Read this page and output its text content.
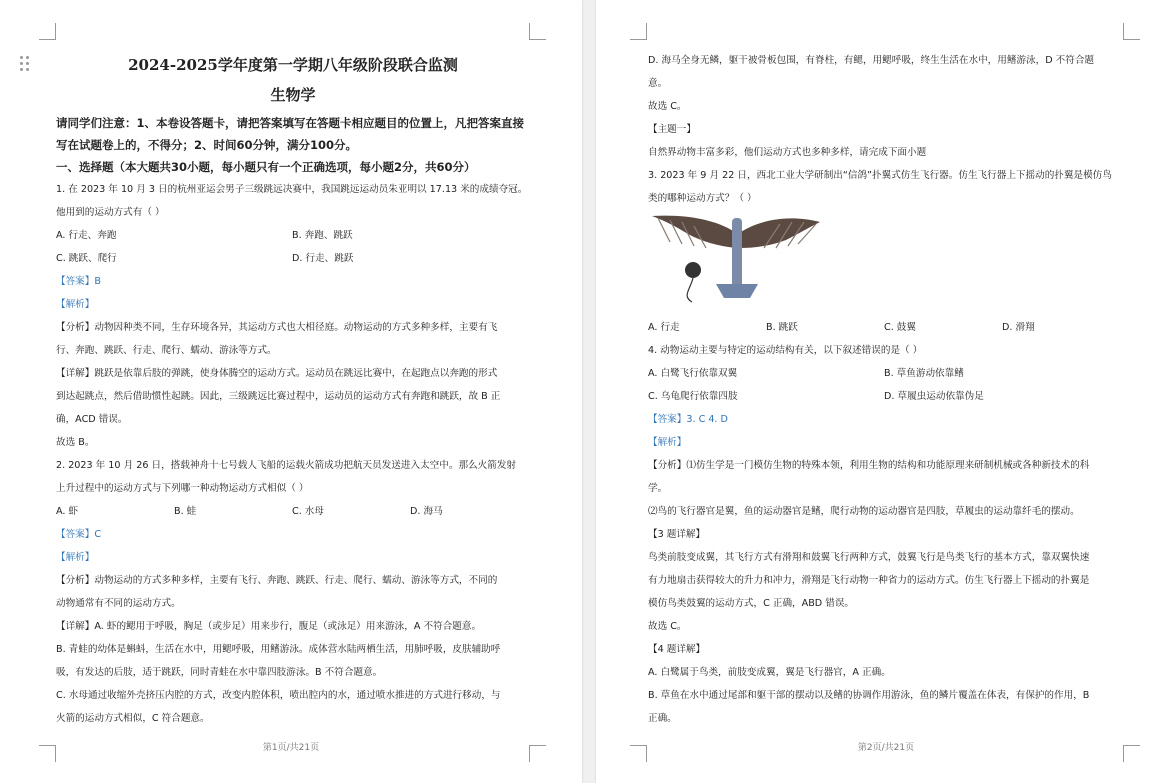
2024-2025学年度第一学期八年级阶段联合监测
生物学
请同学们注意：1、本卷设答题卡，请把答案填写在答题卡相应题目的位置上，凡把答案直接
写在试题卷上的，不得分；2、时间60分钟，满分100分。
一、选择题（本大题共30小题，每小题只有一个正确选项，每小题2分，共60分）
1. 在 2023 年 10 月 3 日的杭州亚运会男子三级跳远决赛中，我国跳远运动员朱亚明以 17.13 米的成绩夺冠。
他用到的运动方式有（ ）
A. 行走、奔跑	B. 奔跑、跳跃
C. 跳跃、爬行	D. 行走、跳跃
【答案】B
【解析】
【分析】动物因种类不同，生存环境各异，其运动方式也大相径庭。动物运动的方式多种多样，主要有飞
行、奔跑、跳跃、行走、爬行、蠕动、游泳等方式。
【详解】跳跃是依靠后肢的弹跳，使身体腾空的运动方式。运动员在跳远比赛中，在起跑点以奔跑的形式
到达起跳点，然后借助惯性起跳。因此，三级跳远比赛过程中，运动员的运动方式有奔跑和跳跃，故 B 正
确，ACD 错误。
故选 B。
2. 2023 年 10 月 26 日，搭载神舟十七号载人飞船的运载火箭成功把航天员发送进入太空中。那么火箭发射
上升过程中的运动方式与下列哪一种动物运动方式相似（ ）
A. 虾	B. 蛙	C. 水母	D. 海马
【答案】C
【解析】
【分析】动物运动的方式多种多样，主要有飞行、奔跑、跳跃、行走、爬行、蠕动、游泳等方式，不同的
动物通常有不同的运动方式。
【详解】A. 虾的鳃用于呼吸，胸足（或步足）用来步行，腹足（或泳足）用来游泳，A 不符合题意。
B. 青蛙的幼体是蝌蚪，生活在水中，用鳃呼吸，用鳍游泳。成体营水陆两栖生活，用肺呼吸，皮肤辅助呼
吸，有发达的后肢，适于跳跃，同时青蛙在水中靠四肢游泳。B 不符合题意。
C. 水母通过收缩外壳挤压内腔的方式，改变内腔体积，喷出腔内的水，通过喷水推进的方式进行移动，与
火箭的运动方式相似，C 符合题意。
第1页/共21页
D. 海马全身无鳞，躯干被骨板包围，有脊柱，有鳃，用鳃呼吸，终生生活在水中，用鳍游泳，D 不符合题
意。
故选 C。
【主题一】
自然界动物丰富多彩，他们运动方式也多种多样，请完成下面小题
3. 2023 年 9 月 22 日，西北工业大学研制出“信鸽”扑翼式仿生飞行器。仿生飞行器上下摇动的扑翼是模仿鸟
类的哪种运动方式？（ ）
A. 行走	B. 跳跃	C. 鼓翼	D. 滑翔
4. 动物运动主要与特定的运动结构有关，以下叙述错误的是（ ）
A. 白鹭飞行依靠双翼	B. 草鱼游动依靠鳍
C. 乌龟爬行依靠四肢	D. 草履虫运动依靠伪足
【答案】3. C 4. D
【解析】
【分析】⑴仿生学是一门模仿生物的特殊本领，利用生物的结构和功能原理来研制机械或各种新技术的科
学。
⑵鸟的飞行器官是翼，鱼的运动器官是鳍，爬行动物的运动器官是四肢，草履虫的运动靠纤毛的摆动。
【3 题详解】
鸟类前肢变成翼，其飞行方式有滑翔和鼓翼飞行两种方式，鼓翼飞行是鸟类飞行的基本方式，靠双翼快速
有力地扇击获得较大的升力和冲力，滑翔是飞行动物一种省力的运动方式。仿生飞行器上下摇动的扑翼是
模仿鸟类鼓翼的运动方式，C 正确，ABD 错误。
故选 C。
【4 题详解】
A. 白鹭属于鸟类，前肢变成翼，翼是飞行器官，A 正确。
B. 草鱼在水中通过尾部和躯干部的摆动以及鳍的协调作用游泳，鱼的鳞片覆盖在体表，有保护的作用，B
正确。
第2页/共21页
